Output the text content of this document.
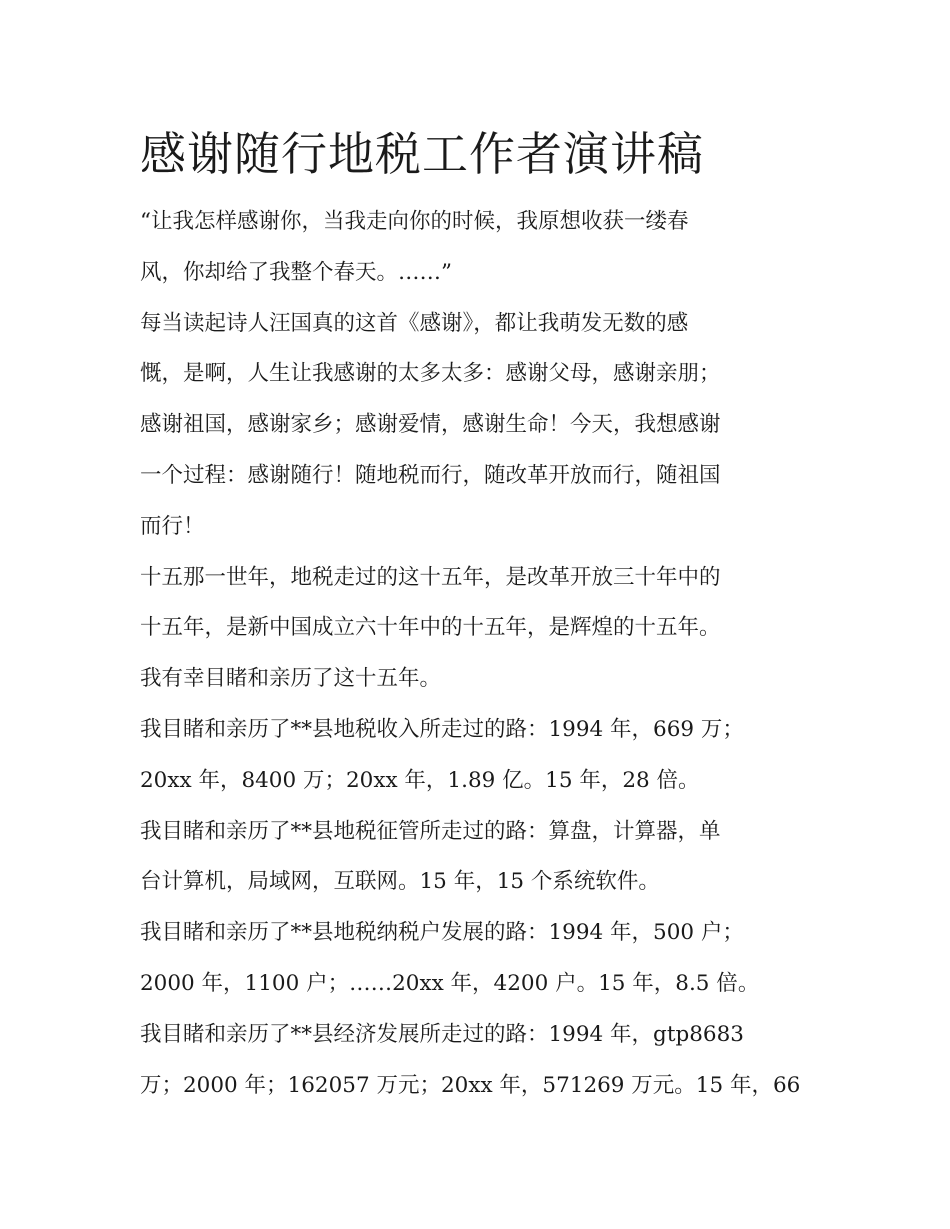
感谢随行地税工作者演讲稿
“让我怎样感谢你，当我走向你的时候，我原想收获一缕春
风，你却给了我整个春天。……”
每当读起诗人汪国真的这首《感谢》，都让我萌发无数的感
慨，是啊，人生让我感谢的太多太多：感谢父母，感谢亲朋；
感谢祖国，感谢家乡；感谢爱情，感谢生命！今天，我想感谢
一个过程：感谢随行！随地税而行，随改革开放而行，随祖国
而行！
十五那一世年，地税走过的这十五年，是改革开放三十年中的
十五年，是新中国成立六十年中的十五年，是辉煌的十五年。
我有幸目睹和亲历了这十五年。
我目睹和亲历了**县地税收入所走过的路：1994 年，669 万；
20xx 年，8400 万；20xx 年，1.89 亿。15 年，28 倍。
我目睹和亲历了**县地税征管所走过的路：算盘，计算器，单
台计算机，局域网，互联网。15 年，15 个系统软件。
我目睹和亲历了**县地税纳税户发展的路：1994 年，500 户；
2000 年，1100 户；……20xx 年，4200 户。15 年，8.5 倍。
我目睹和亲历了**县经济发展所走过的路：1994 年，gtp8683
万；2000 年；162057 万元；20xx 年，571269 万元。15 年，66
